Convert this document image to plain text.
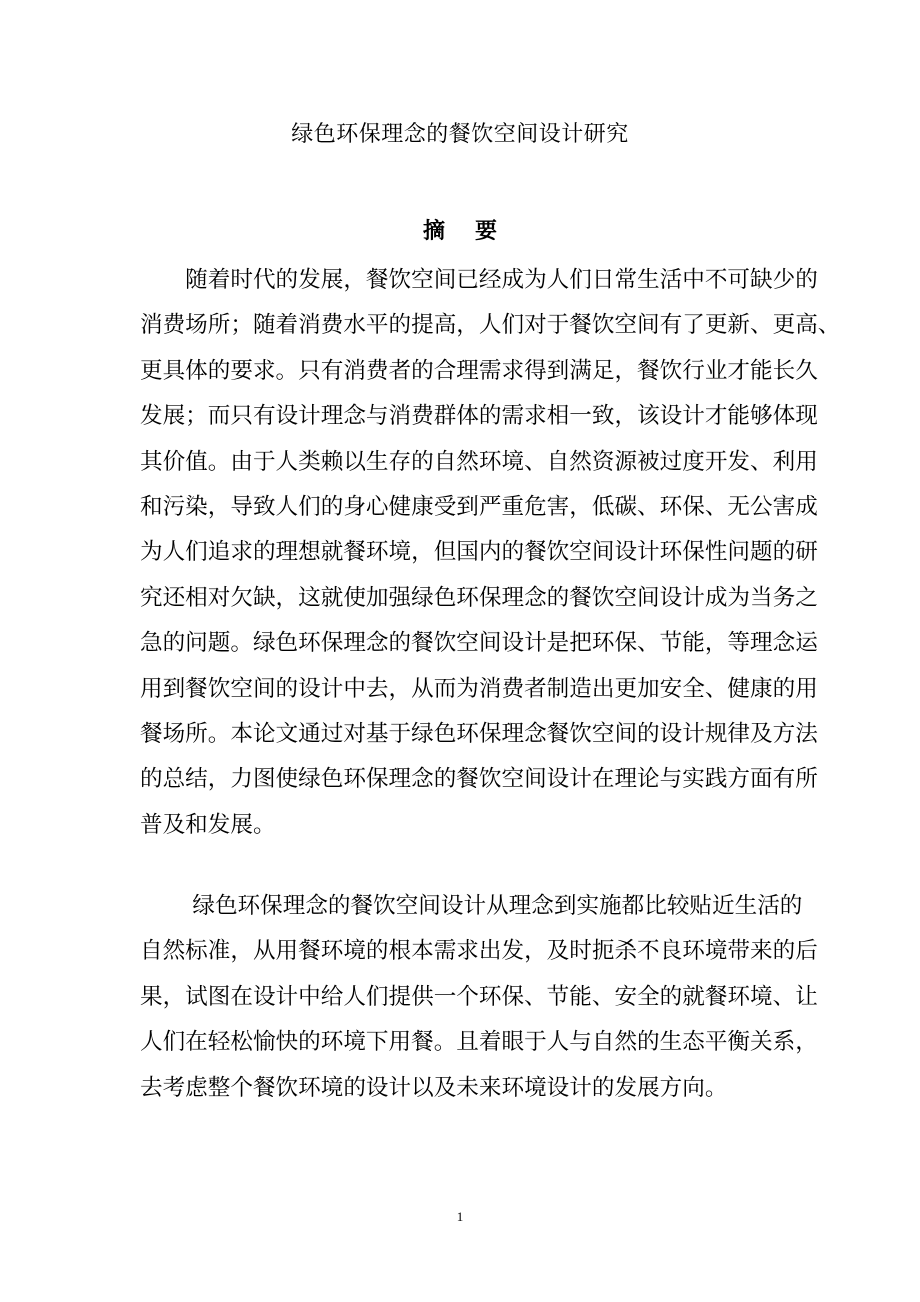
绿色环保理念的餐饮空间设计研究
摘 要
　　随着时代的发展，餐饮空间已经成为人们日常生活中不可缺少的
消费场所；随着消费水平的提高，人们对于餐饮空间有了更新、更高、
更具体的要求。只有消费者的合理需求得到满足，餐饮行业才能长久
发展；而只有设计理念与消费群体的需求相一致，该设计才能够体现
其价值。由于人类赖以生存的自然环境、自然资源被过度开发、利用
和污染，导致人们的身心健康受到严重危害，低碳、环保、无公害成
为人们追求的理想就餐环境，但国内的餐饮空间设计环保性问题的研
究还相对欠缺，这就使加强绿色环保理念的餐饮空间设计成为当务之
急的问题。绿色环保理念的餐饮空间设计是把环保、节能，等理念运
用到餐饮空间的设计中去，从而为消费者制造出更加安全、健康的用
餐场所。本论文通过对基于绿色环保理念餐饮空间的设计规律及方法
的总结，力图使绿色环保理念的餐饮空间设计在理论与实践方面有所
普及和发展。
　　 绿色环保理念的餐饮空间设计从理念到实施都比较贴近生活的
自然标准，从用餐环境的根本需求出发，及时扼杀不良环境带来的后
果，试图在设计中给人们提供一个环保、节能、安全的就餐环境、让
人们在轻松愉快的环境下用餐。且着眼于人与自然的生态平衡关系，
去考虑整个餐饮环境的设计以及未来环境设计的发展方向。
1
